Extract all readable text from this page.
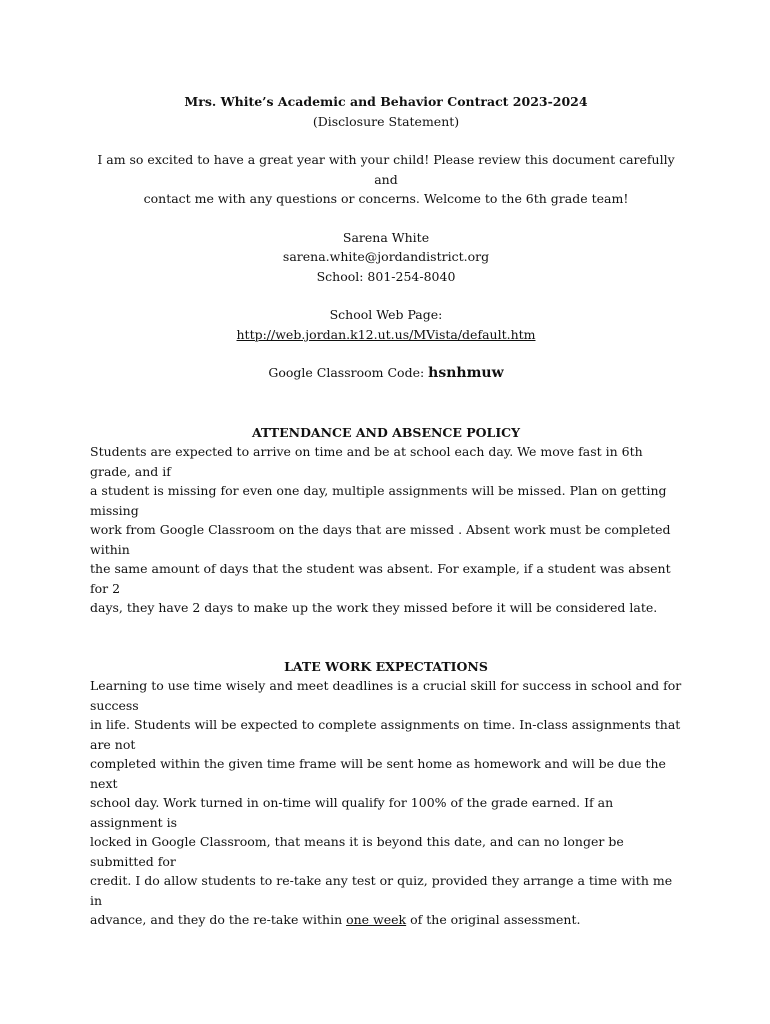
Mrs. White’s Academic and Behavior Contract 2023-2024
(Disclosure Statement)
I am so excited to have a great year with your child! Please review this document carefully and
contact me with any questions or concerns. Welcome to the 6th grade team!
Sarena White
sarena.white@jordandistrict.org
School: 801-254-8040
School Web Page:
http://web.jordan.k12.ut.us/MVista/default.htm
Google Classroom Code: hsnhmuw
ATTENDANCE AND ABSENCE POLICY
Students are expected to arrive on time and be at school each day. We move fast in 6th grade, and if
a student is missing for even one day, multiple assignments will be missed. Plan on getting missing
work from Google Classroom on the days that are missed . Absent work must be completed within
the same amount of days that the student was absent. For example, if a student was absent for 2
days, they have 2 days to make up the work they missed before it will be considered late.
LATE WORK EXPECTATIONS
Learning to use time wisely and meet deadlines is a crucial skill for success in school and for success
in life. Students will be expected to complete assignments on time. In-class assignments that are not
completed within the given time frame will be sent home as homework and will be due the next
school day. Work turned in on-time will qualify for 100% of the grade earned. If an assignment is
locked in Google Classroom, that means it is beyond this date, and can no longer be submitted for
credit. I do allow students to re-take any test or quiz, provided they arrange a time with me in
advance, and they do the re-take within one week of the original assessment.
